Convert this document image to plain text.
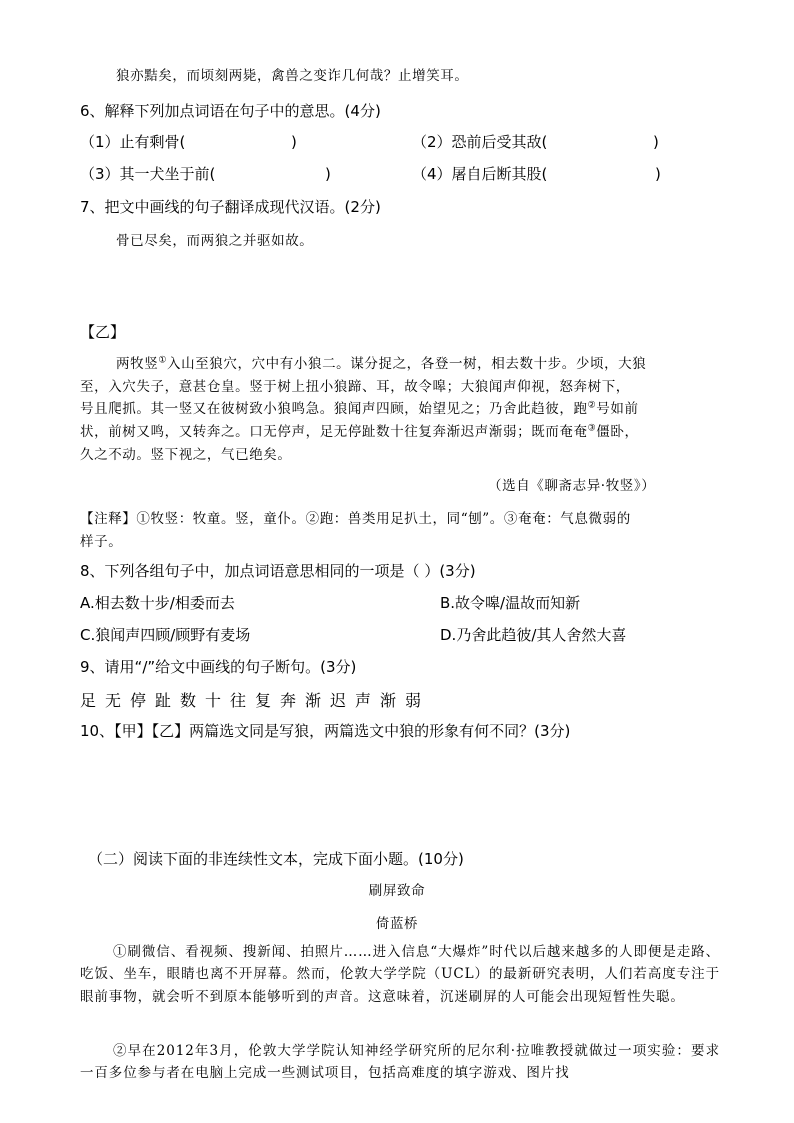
狼亦黠矣，而顷刻两毙，禽兽之变诈几何哉？止增笑耳。
6、解释下列加点词语在句子中的意思。(4分)
（1）止有剩骨(	)	（2）恐前后受其敌(	)
（3）其一犬坐于前(	)	（4）屠自后断其股(	)
7、把文中画线的句子翻译成现代汉语。(2分)
骨已尽矣，而两狼之并驱如故。
【乙】
两牧竖①入山至狼穴，穴中有小狼二。谋分捉之，各登一树，相去数十步。少顷，大狼
至，入穴失子，意甚仓皇。竖于树上扭小狼蹄、耳，故令嗥；大狼闻声仰视，怒奔树下，
号且爬抓。其一竖又在彼树致小狼鸣急。狼闻声四顾，始望见之；乃舍此趋彼，跑②号如前
状，前树又鸣，又转奔之。口无停声，足无停趾数十往复奔渐迟声渐弱；既而奄奄③僵卧，
久之不动。竖下视之，气已绝矣。
（选自《聊斋志异·牧竖》）
【注释】①牧竖：牧童。竖，童仆。②跑：兽类用足扒土，同“刨”。③奄奄：气息微弱的
样子。
8、下列各组句子中，加点词语意思相同的一项是（ ）(3分)
A.相去数十步/相委而去	B.故令嗥/温故而知新
C.狼闻声四顾/顾野有麦场	D.乃舍此趋彼/其人舍然大喜
9、请用“/”给文中画线的句子断句。(3分)
足无停趾数十往复奔渐迟声渐弱
10、【甲】【乙】两篇选文同是写狼，两篇选文中狼的形象有何不同？(3分)
（二）阅读下面的非连续性文本，完成下面小题。(10分)
刷屏致命
倚蓝桥
①刷微信、看视频、搜新闻、拍照片……进入信息“大爆炸”时代以后越来越多的人即便是走路、吃饭、坐车，眼睛也离不开屏幕。然而，伦敦大学学院（UCL）的最新研究表明，人们若高度专注于眼前事物，就会听不到原本能够听到的声音。这意味着，沉迷刷屏的人可能会出现短暂性失聪。
②早在2012年3月，伦敦大学学院认知神经学研究所的尼尔利·拉唯教授就做过一项实验：要求一百多位参与者在电脑上完成一些测试项目，包括高难度的填字游戏、图片找
